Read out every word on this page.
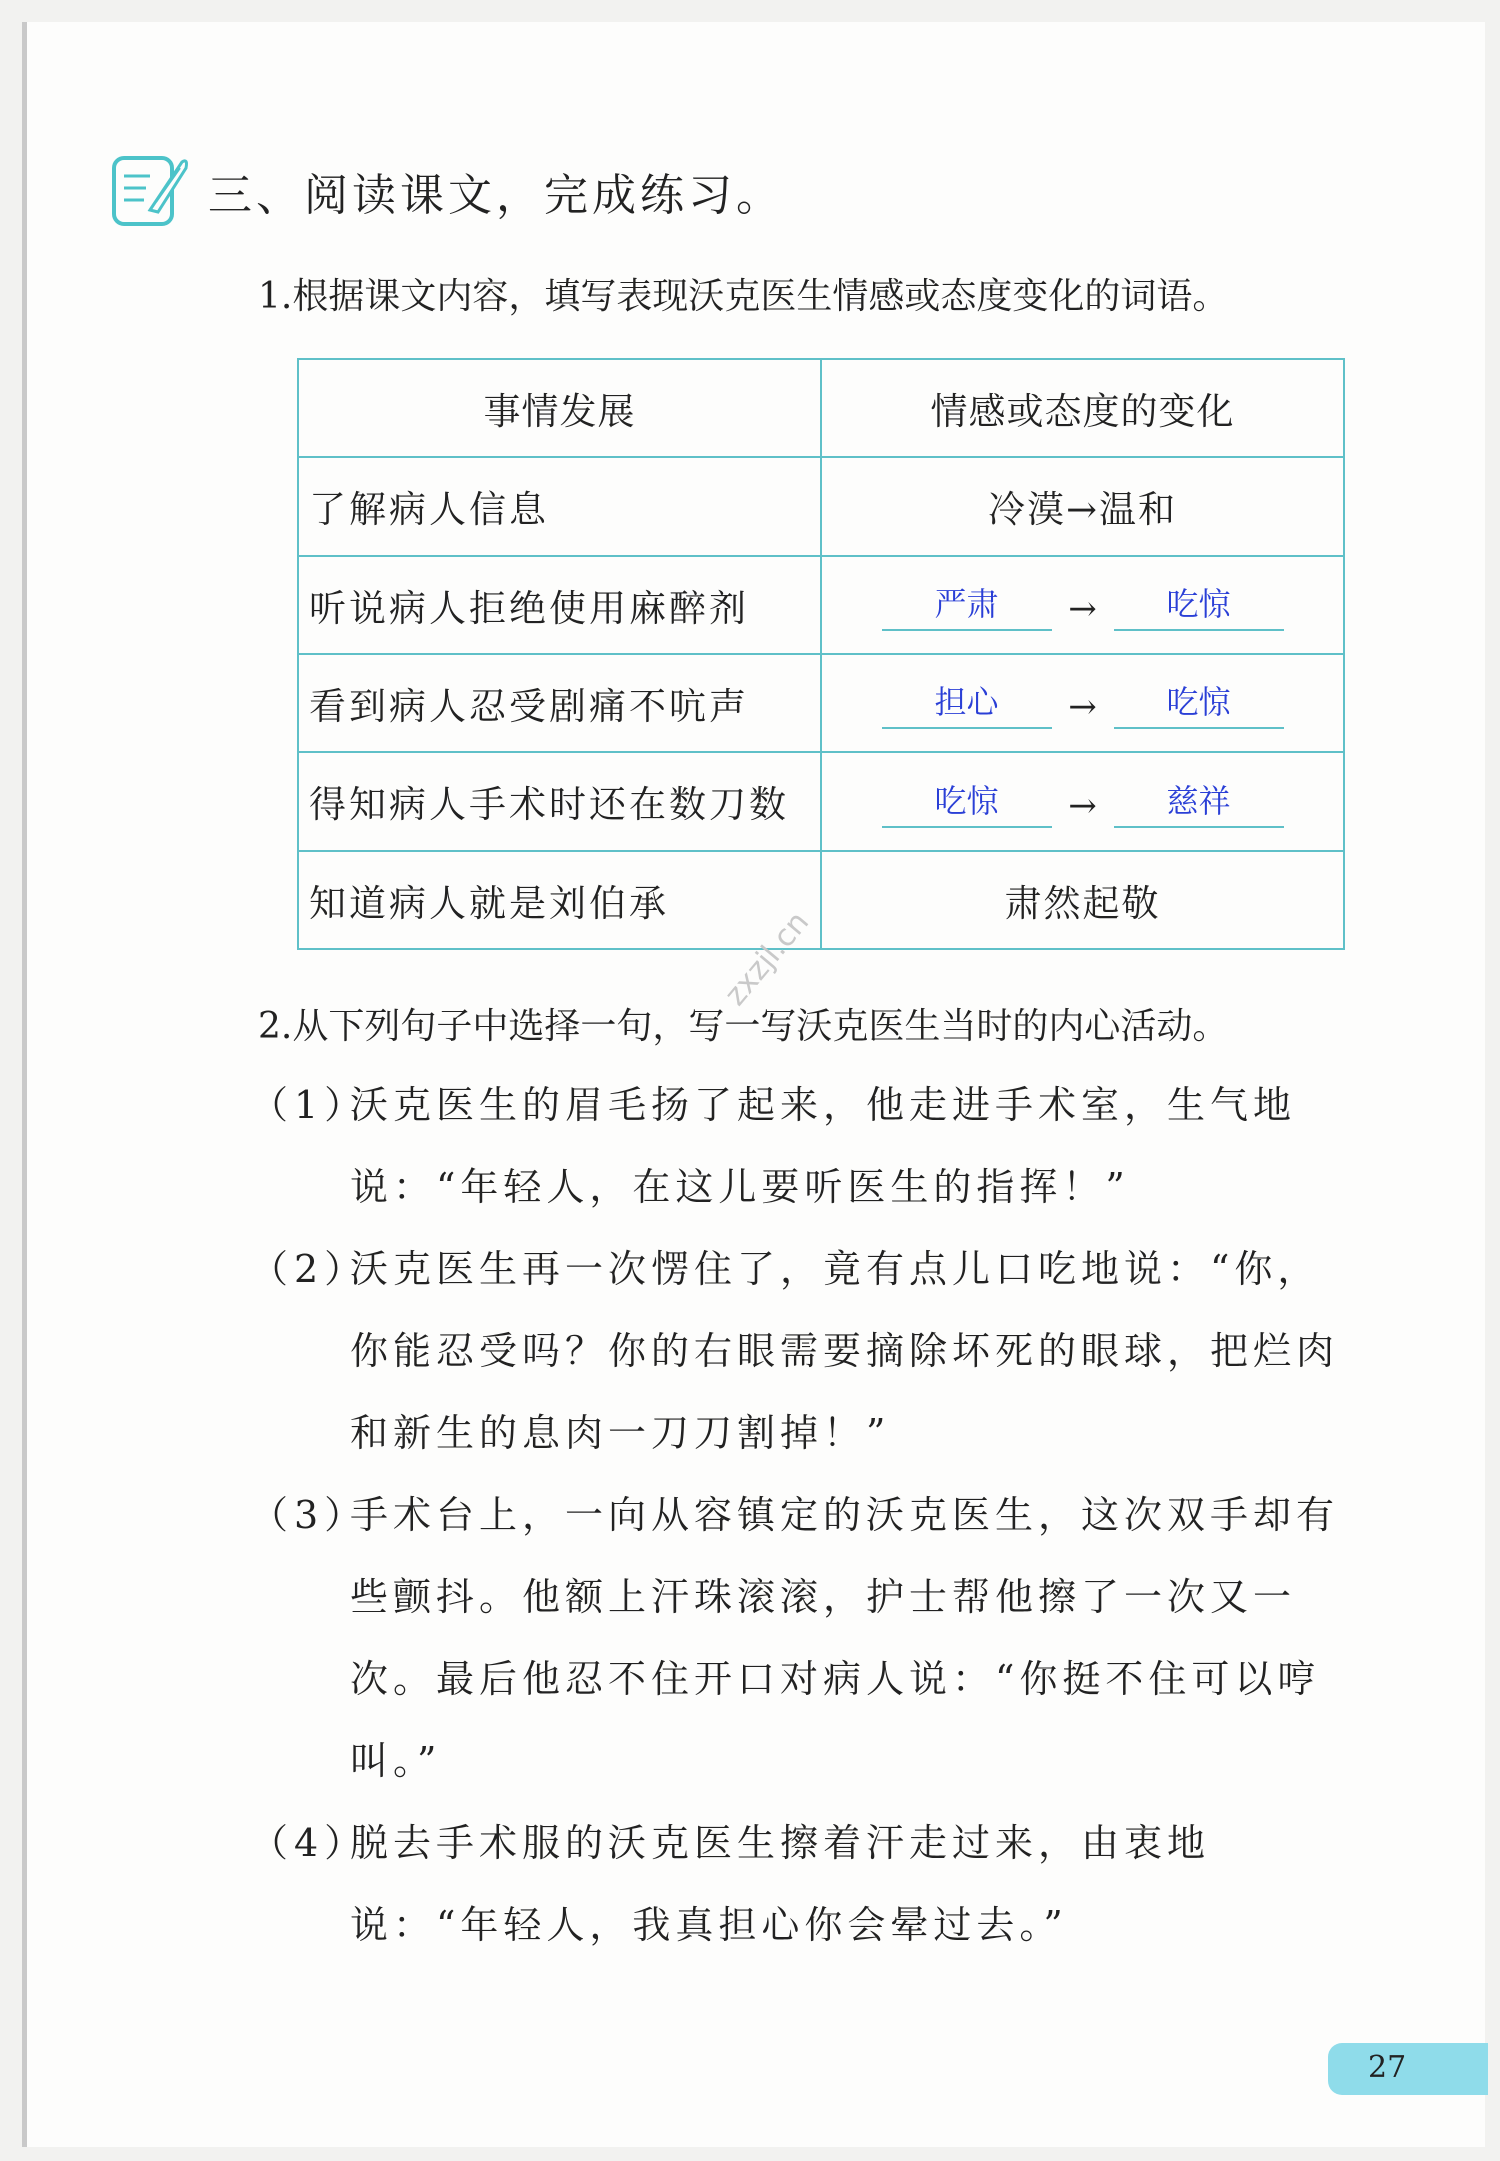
三、阅读课文，完成练习。
1.根据课文内容，填写表现沃克医生情感或态度变化的词语。
事情发展	情感或态度的变化
了解病人信息	冷漠→温和
听说病人拒绝使用麻醉剂	严肃 → 吃惊

看到病人忍受剧痛不吭声	担心 → 吃惊

得知病人手术时还在数刀数	吃惊 → 慈祥

知道病人就是刘伯承	肃然起敬
zxzjl.cn
2.从下列句子中选择一句，写一写沃克医生当时的内心活动。
（1）
沃克医生的眉毛扬了起来，他走进手术室，生气地说：“年轻人，在这儿要听医生的指挥！”
（2）
沃克医生再一次愣住了，竟有点儿口吃地说：“你，你能忍受吗？你的右眼需要摘除坏死的眼球，把烂肉和新生的息肉一刀刀割掉！”
（3）
手术台上，一向从容镇定的沃克医生，这次双手却有些颤抖。他额上汗珠滚滚，护士帮他擦了一次又一次。最后他忍不住开口对病人说：“你挺不住可以哼叫。”
（4）
脱去手术服的沃克医生擦着汗走过来，由衷地说：“年轻人，我真担心你会晕过去。”
27
